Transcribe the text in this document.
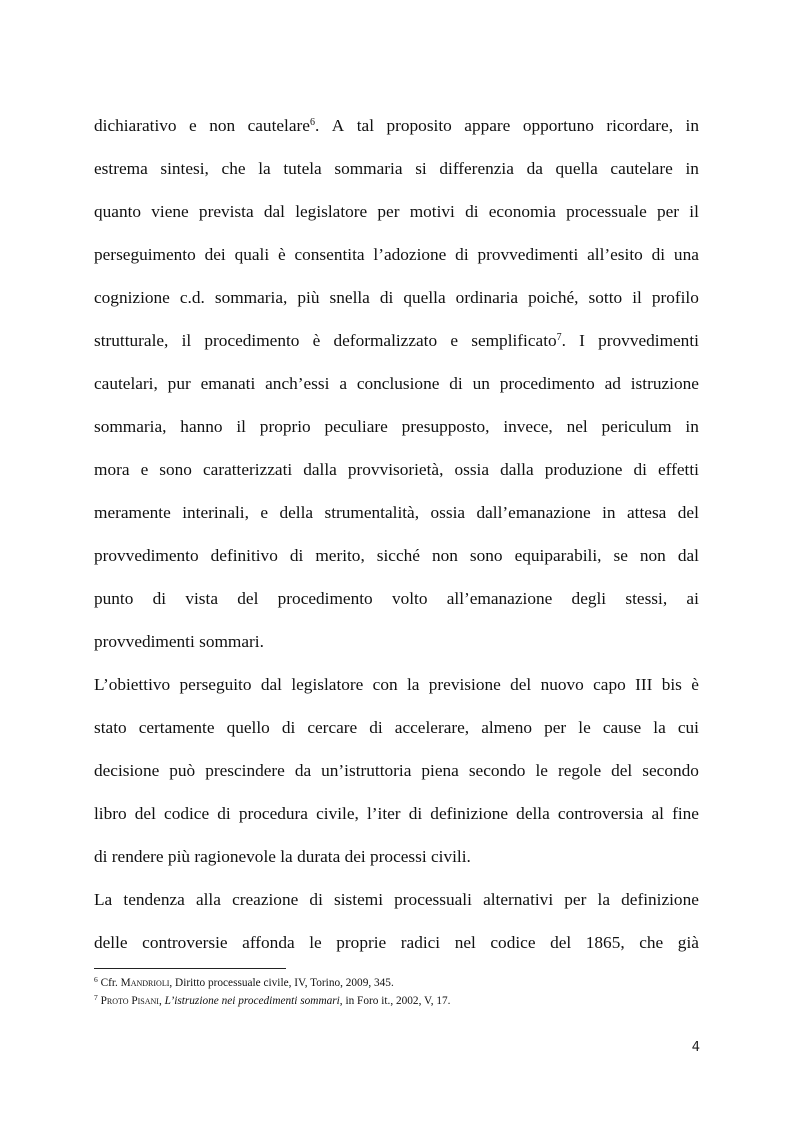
dichiarativo e non cautelare$^6$. A tal proposito appare opportuno ricordare, in
estrema sintesi, che la tutela sommaria si differenzia da quella cautelare in
quanto viene prevista dal legislatore per motivi di economia processuale per il
perseguimento dei quali è consentita l’adozione di provvedimenti all’esito di una
cognizione c.d. sommaria, più snella di quella ordinaria poiché, sotto il profilo
strutturale, il procedimento è deformalizzato e semplificato$^7$. I provvedimenti
cautelari, pur emanati anch’essi a conclusione di un procedimento ad istruzione
sommaria, hanno il proprio peculiare presupposto, invece, nel periculum in
mora e sono caratterizzati dalla provvisorietà, ossia dalla produzione di effetti
meramente interinali, e della strumentalità, ossia dall’emanazione in attesa del
provvedimento definitivo di merito, sicché non sono equiparabili, se non dal
punto di vista del procedimento volto all’emanazione degli stessi, ai
provvedimenti sommari.
L’obiettivo perseguito dal legislatore con la previsione del nuovo capo III bis è
stato certamente quello di cercare di accelerare, almeno per le cause la cui
decisione può prescindere da un’istruttoria piena secondo le regole del secondo
libro del codice di procedura civile, l’iter di definizione della controversia al fine
di rendere più ragionevole la durata dei processi civili.
La tendenza alla creazione di sistemi processuali alternativi per la definizione
delle controversie affonda le proprie radici nel codice del 1865, che già
$^6$ Cfr. Mandrioli, Diritto processuale civile, IV, Torino, 2009, 345.
$^7$ Proto Pisani, L’istruzione nei procedimenti sommari, in Foro it., 2002, V, 17.
4
